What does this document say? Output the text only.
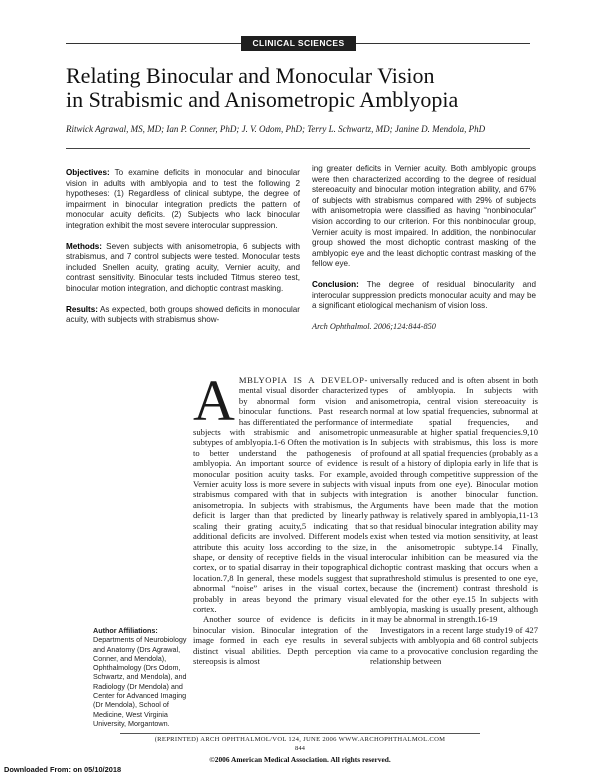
CLINICAL SCIENCES
Relating Binocular and Monocular Vision
in Strabismic and Anisometropic Amblyopia
Ritwick Agrawal, MS, MD; Ian P. Conner, PhD; J. V. Odom, PhD; Terry L. Schwartz, MD; Janine D. Mendola, PhD

Objectives: To examine deficits in monocular and binocular vision in adults with amblyopia and to test the following 2 hypotheses: (1) Regardless of clinical subtype, the degree of impairment in binocular integration predicts the pattern of monocular acuity deficits. (2) Subjects who lack binocular integration exhibit the most severe interocular suppression.

Methods: Seven subjects with anisometropia, 6 subjects with strabismus, and 7 control subjects were tested. Monocular tests included Snellen acuity, grating acuity, Vernier acuity, and contrast sensitivity. Binocular tests included Titmus stereo test, binocular motion integration, and dichoptic contrast masking.

Results: As expected, both groups showed deficits in monocular acuity, with subjects with strabismus show-

ing greater deficits in Vernier acuity. Both amblyopic groups were then characterized according to the degree of residual stereoacuity and binocular motion integration ability, and 67% of subjects with strabismus compared with 29% of subjects with anisometropia were classified as having “nonbinocular” vision according to our criterion. For this nonbinocular group, Vernier acuity is most impaired. In addition, the nonbinocular group showed the most dichoptic contrast masking of the amblyopic eye and the least dichoptic contrast masking of the fellow eye.

Conclusion: The degree of residual binocularity and interocular suppression predicts monocular acuity and may be a significant etiological mechanism of vision loss.

Arch Ophthalmol. 2006;124:844-850

AMBLYOPIA IS A DEVELOP- mental visual disorder characterized by abnormal form vision and binocular functions. Past research has differentiated the performance of subjects with strabismic and anisometropic subtypes of amblyopia.1-6 Often the motivation is to better understand the pathogenesis of amblyopia. An important source of evidence is monocular position acuity tasks. For example, Vernier acuity loss is more severe in subjects with strabismus compared with that in subjects with anisometropia. In subjects with strabismus, the deficit is larger than that predicted by linearly scaling their grating acuity,5 indicating that additional deficits are involved. Different models attribute this acuity loss according to the size, shape, or density of receptive fields in the visual cortex, or to spatial disarray in their topographical location.7,8 In general, these models suggest that abnormal “noise” arises in the visual cortex, probably in areas beyond the primary visual cortex.

Another source of evidence is deficits in binocular vision. Binocular integration of the image formed in each eye results in several distinct visual abilities. Depth perception via stereopsis is almost

universally reduced and is often absent in both types of amblyopia. In subjects with anisometropia, central vision stereoacuity is normal at low spatial frequencies, subnormal at intermediate spatial frequencies, and unmeasurable at higher spatial frequencies.9,10 In subjects with strabismus, this loss is more profound at all spatial frequencies (probably as a result of a history of diplopia early in life that is avoided through competitive suppression of the visual inputs from one eye). Binocular motion integration is another binocular function. Arguments have been made that the motion pathway is relatively spared in amblyopia,11-13 so that residual binocular integration ability may exist when tested via motion sensitivity, at least in the anisometropic subtype.14 Finally, interocular inhibition can be measured via the dichoptic contrast masking that occurs when a suprathreshold stimulus is presented to one eye, because the (increment) contrast threshold is elevated for the other eye.15 In subjects with amblyopia, masking is usually present, although it may be abnormal in strength.16-19

Investigators in a recent large study19 of 427 subjects with amblyopia and 68 control subjects came to a provocative conclusion regarding the relationship between

Author Affiliations:
Departments of Neurobiology and Anatomy (Drs Agrawal, Conner, and Mendola), Ophthalmology (Drs Odom, Schwartz, and Mendola), and Radiology (Dr Mendola) and Center for Advanced Imaging (Dr Mendola), School of Medicine, West Virginia University, Morgantown.
(REPRINTED) ARCH OPHTHALMOL/VOL 124, JUNE 2006 WWW.ARCHOPHTHALMOL.COM
844
©2006 American Medical Association. All rights reserved.
Downloaded From: on 05/10/2018
